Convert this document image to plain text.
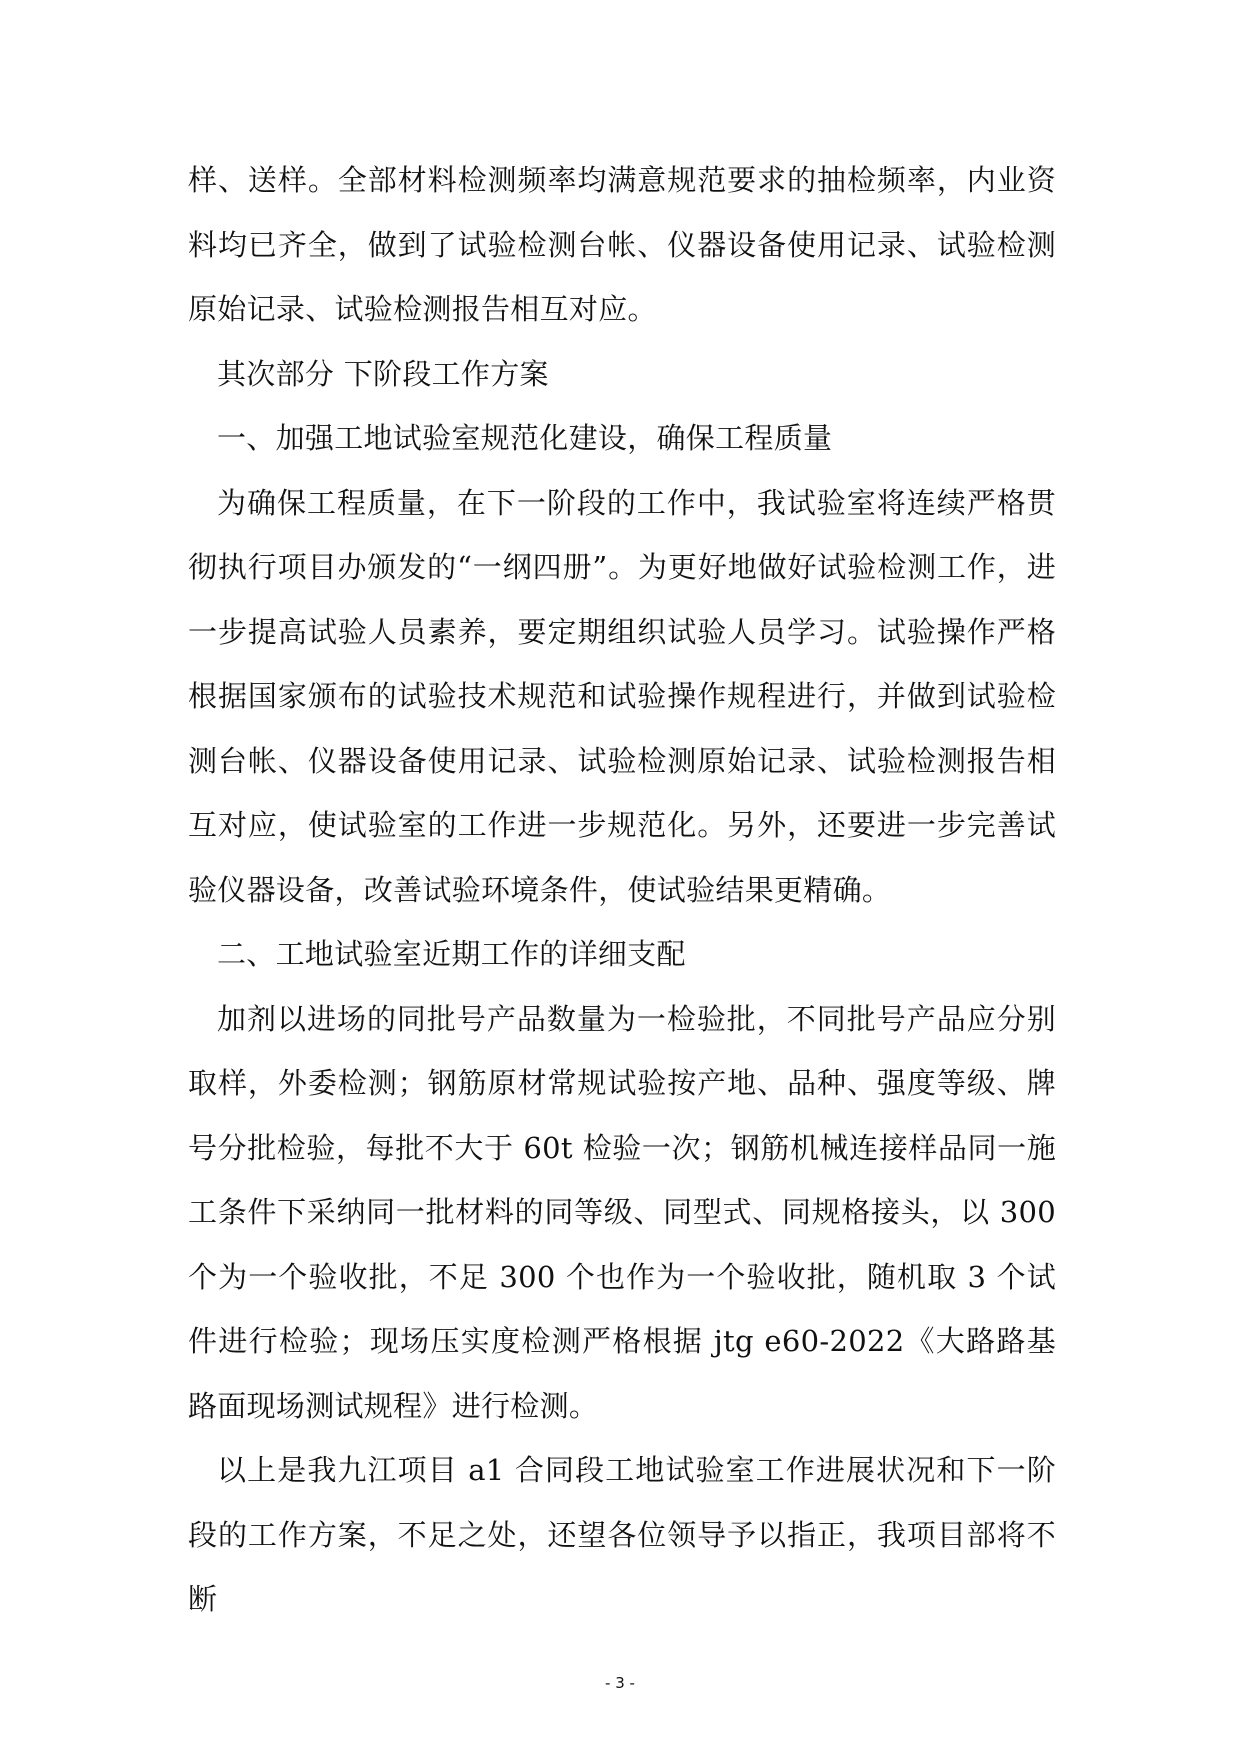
样、送样。全部材料检测频率均满意规范要求的抽检频率，内业资料均已齐全，做到了试验检测台帐、仪器设备使用记录、试验检测原始记录、试验检测报告相互对应。

其次部分 下阶段工作方案

一、加强工地试验室规范化建设，确保工程质量

为确保工程质量，在下一阶段的工作中，我试验室将连续严格贯彻执行项目办颁发的“一纲四册”。为更好地做好试验检测工作，进一步提高试验人员素养，要定期组织试验人员学习。试验操作严格根据国家颁布的试验技术规范和试验操作规程进行，并做到试验检测台帐、仪器设备使用记录、试验检测原始记录、试验检测报告相互对应，使试验室的工作进一步规范化。另外，还要进一步完善试验仪器设备，改善试验环境条件，使试验结果更精确。

二、工地试验室近期工作的详细支配

加剂以进场的同批号产品数量为一检验批，不同批号产品应分别取样，外委检测；钢筋原材常规试验按产地、品种、强度等级、牌号分批检验，每批不大于 60t 检验一次；钢筋机械连接样品同一施工条件下采纳同一批材料的同等级、同型式、同规格接头，以 300 个为一个验收批，不足 300 个也作为一个验收批，随机取 3 个试件进行检验；现场压实度检测严格根据 jtg e60-2022《大路路基路面现场测试规程》进行检测。

以上是我九江项目 a1 合同段工地试验室工作进展状况和下一阶段的工作方案，不足之处，还望各位领导予以指正，我项目部将不断

- 3 -
